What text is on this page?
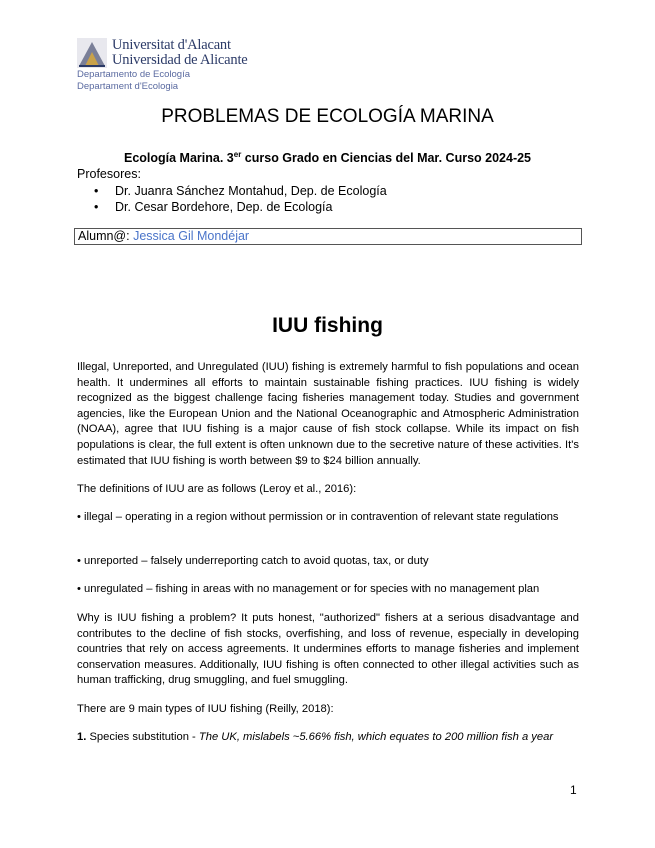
Universitat d'Alacant
Universidad de Alicante
Departamento de Ecología
Departament d'Ecologia
PROBLEMAS DE ECOLOGÍA MARINA
Ecología Marina. 3er curso Grado en Ciencias del Mar. Curso 2024-25
Profesores:
• Dr. Juanra Sánchez Montahud, Dep. de Ecología
• Dr. Cesar Bordehore, Dep. de Ecología
Alumn@: Jessica Gil Mondéjar
IUU fishing
Illegal, Unreported, and Unregulated (IUU) fishing is extremely harmful to fish populations and ocean health. It undermines all efforts to maintain sustainable fishing practices. IUU fishing is widely recognized as the biggest challenge facing fisheries management today. Studies and government agencies, like the European Union and the National Oceanographic and Atmospheric Administration (NOAA), agree that IUU fishing is a major cause of fish stock collapse. While its impact on fish populations is clear, the full extent is often unknown due to the secretive nature of these activities. It's estimated that IUU fishing is worth between $9 to $24 billion annually.
The definitions of IUU are as follows (Leroy et al., 2016):
• illegal – operating in a region without permission or in contravention of relevant state regulations
• unreported – falsely underreporting catch to avoid quotas, tax, or duty
• unregulated – fishing in areas with no management or for species with no management plan
Why is IUU fishing a problem? It puts honest, "authorized" fishers at a serious disadvantage and contributes to the decline of fish stocks, overfishing, and loss of revenue, especially in developing countries that rely on access agreements. It undermines efforts to manage fisheries and implement conservation measures. Additionally, IUU fishing is often connected to other illegal activities such as human trafficking, drug smuggling, and fuel smuggling.
There are 9 main types of IUU fishing (Reilly, 2018):
1. Species substitution - The UK, mislabels ~5.66% fish, which equates to 200 million fish a year
1
